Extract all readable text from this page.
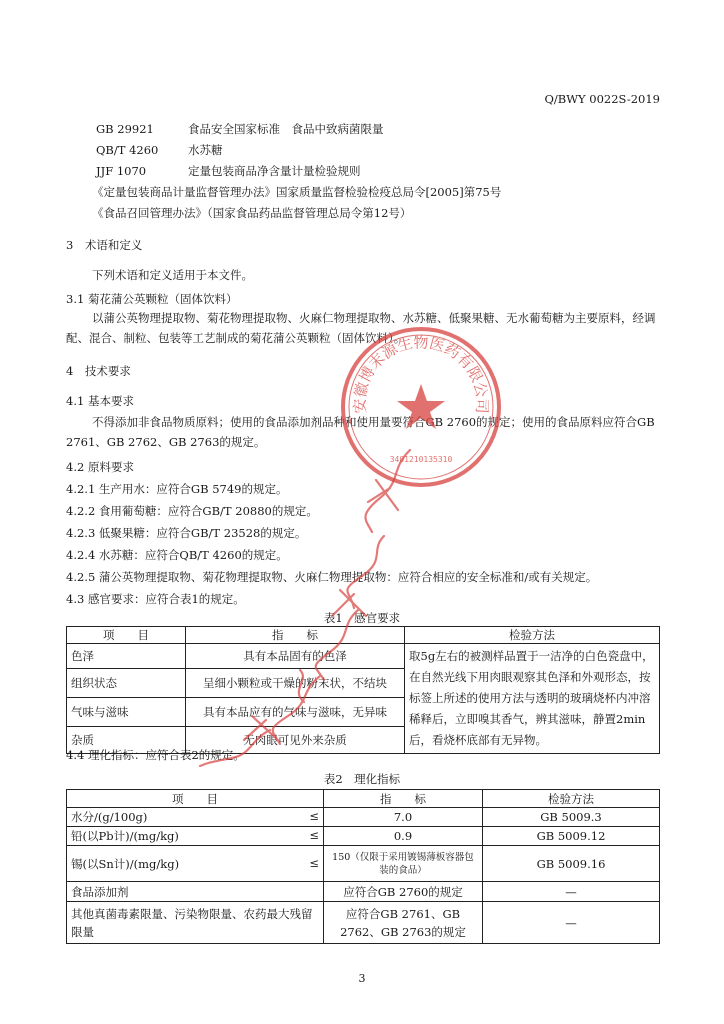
Q/BWY 0022S-2019
GB 29921	食品安全国家标准　食品中致病菌限量
QB/T 4260	水苏糖
JJF 1070	定量包装商品净含量计量检验规则
《定量包装商品计量监督管理办法》国家质量监督检验检疫总局令[2005]第75号
《食品召回管理办法》（国家食品药品监督管理总局令第12号）
3　术语和定义
下列术语和定义适用于本文件。
3.1 菊花蒲公英颗粒（固体饮料）
以蒲公英物理提取物、菊花物理提取物、火麻仁物理提取物、水苏糖、低聚果糖、无水葡萄糖为主要原料，经调配、混合、制粒、包装等工艺制成的菊花蒲公英颗粒（固体饮料）。
4　技术要求
4.1 基本要求
不得添加非食品物质原料；使用的食品添加剂品种和使用量要符合GB 2760的规定；使用的食品原料应符合GB 2761、GB 2762、GB 2763的规定。
4.2 原料要求
4.2.1 生产用水：应符合GB 5749的规定。
4.2.2 食用葡萄糖：应符合GB/T 20880的规定。
4.2.3 低聚果糖：应符合GB/T 23528的规定。
4.2.4 水苏糖：应符合QB/T 4260的规定。
4.2.5 蒲公英物理提取物、菊花物理提取物、火麻仁物理提取物：应符合相应的安全标准和/或有关规定。
4.3 感官要求：应符合表1的规定。
表1　感官要求
项　　目	指　　标	检验方法
色泽	具有本品固有的色泽	取5g左右的被测样品置于一洁净的白色瓷盘中，在自然光线下用肉眼观察其色泽和外观形态，按标签上所述的使用方法与透明的玻璃烧杯内冲溶稀释后，立即嗅其香气，辨其滋味，静置2min后，看烧杯底部有无异物。
组织状态	呈细小颗粒或干燥的粉末状，不结块	
气味与滋味	具有本品应有的气味与滋味，无异味	
杂质	无肉眼可见外来杂质	
4.4 理化指标：应符合表2的规定。
表2　理化指标
项　　目	指　　标	检验方法
水分/(g/100g) ≤	7.0	GB 5009.3
铅(以Pb计)/(mg/kg) ≤	0.9	GB 5009.12
锡(以Sn计)/(mg/kg) ≤	150（仅限于采用镀锡薄板容器包装的食品）	GB 5009.16
食品添加剂	应符合GB 2760的规定	—
其他真菌毒素限量、污染物限量、农药最大残留限量	应符合GB 2761、GB 2762、GB 2763的规定	—
3
安徽博末源生物医药有限公司
3401210135310
